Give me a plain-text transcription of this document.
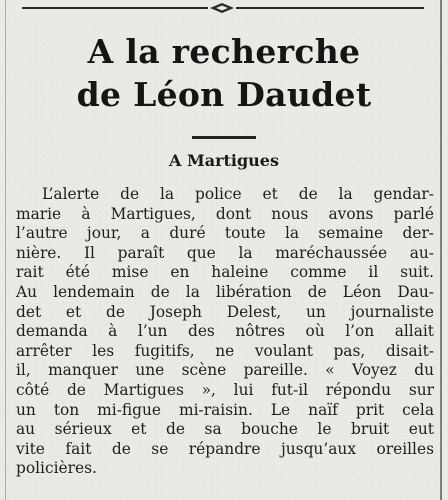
A la recherche
de Léon Daudet
A Martigues
L’alerte de la police et de la gendar-
marie à Martigues, dont nous avons parlé
l’autre jour, a duré toute la semaine der-
nière. Il paraît que la maréchaussée au-
rait été mise en haleine comme il suit.
Au lendemain de la libération de Léon Dau-
det et de Joseph Delest, un journaliste
demanda à l’un des nôtres où l’on allait
arrêter les fugitifs, ne voulant pas, disait-
il, manquer une scène pareille. « Voyez du
côté de Martigues », lui fut-il répondu sur
un ton mi-figue mi-raisin. Le naïf prit cela
au sérieux et de sa bouche le bruit eut
vite fait de se répandre jusqu’aux oreilles
policières.
